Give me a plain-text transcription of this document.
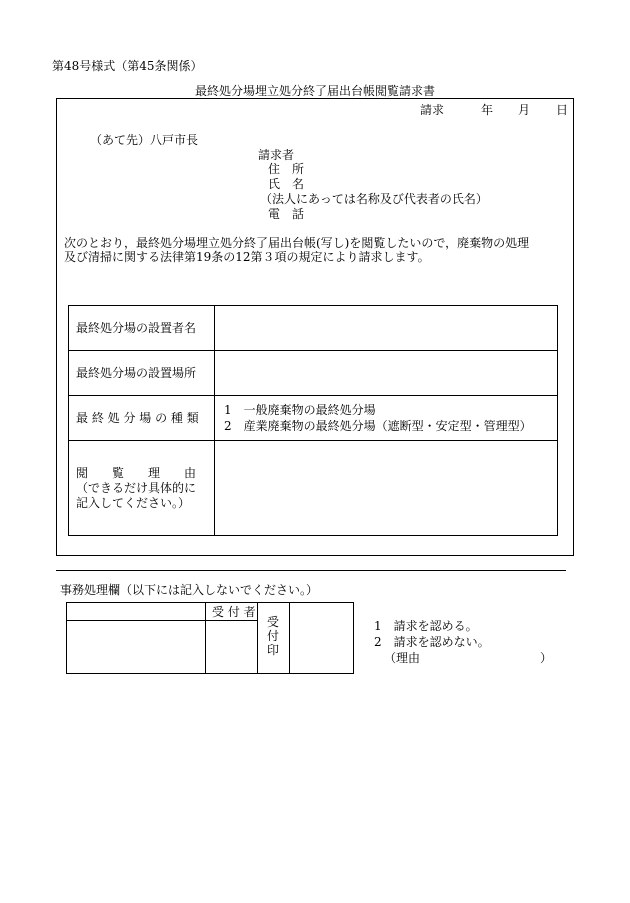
第48号様式（第45条関係）
最終処分場埋立処分終了届出台帳閲覧請求書
請求	年 月 日
（あて先）八戸市長
請求者
住　所
氏　名
（法人にあっては名称及び代表者の氏名）
電　話
次のとおり，最終処分場埋立処分終了届出台帳(写し)を閲覧したいので，廃棄物の処理
及び清掃に関する法律第19条の12第３項の規定により請求します。
最終処分場の設置者名
最終処分場の設置場所
最 終 処 分 場 の 種 類
1　一般廃棄物の最終処分場
2　産業廃棄物の最終処分場（遮断型・安定型・管理型）
閲　　覧　　理　　由
（できるだけ具体的に
記入してください。）
事務処理欄（以下には記入しないでください。）
受 付 者
受
付
印
1　請求を認める。
2　請求を認めない。
（理由	）
